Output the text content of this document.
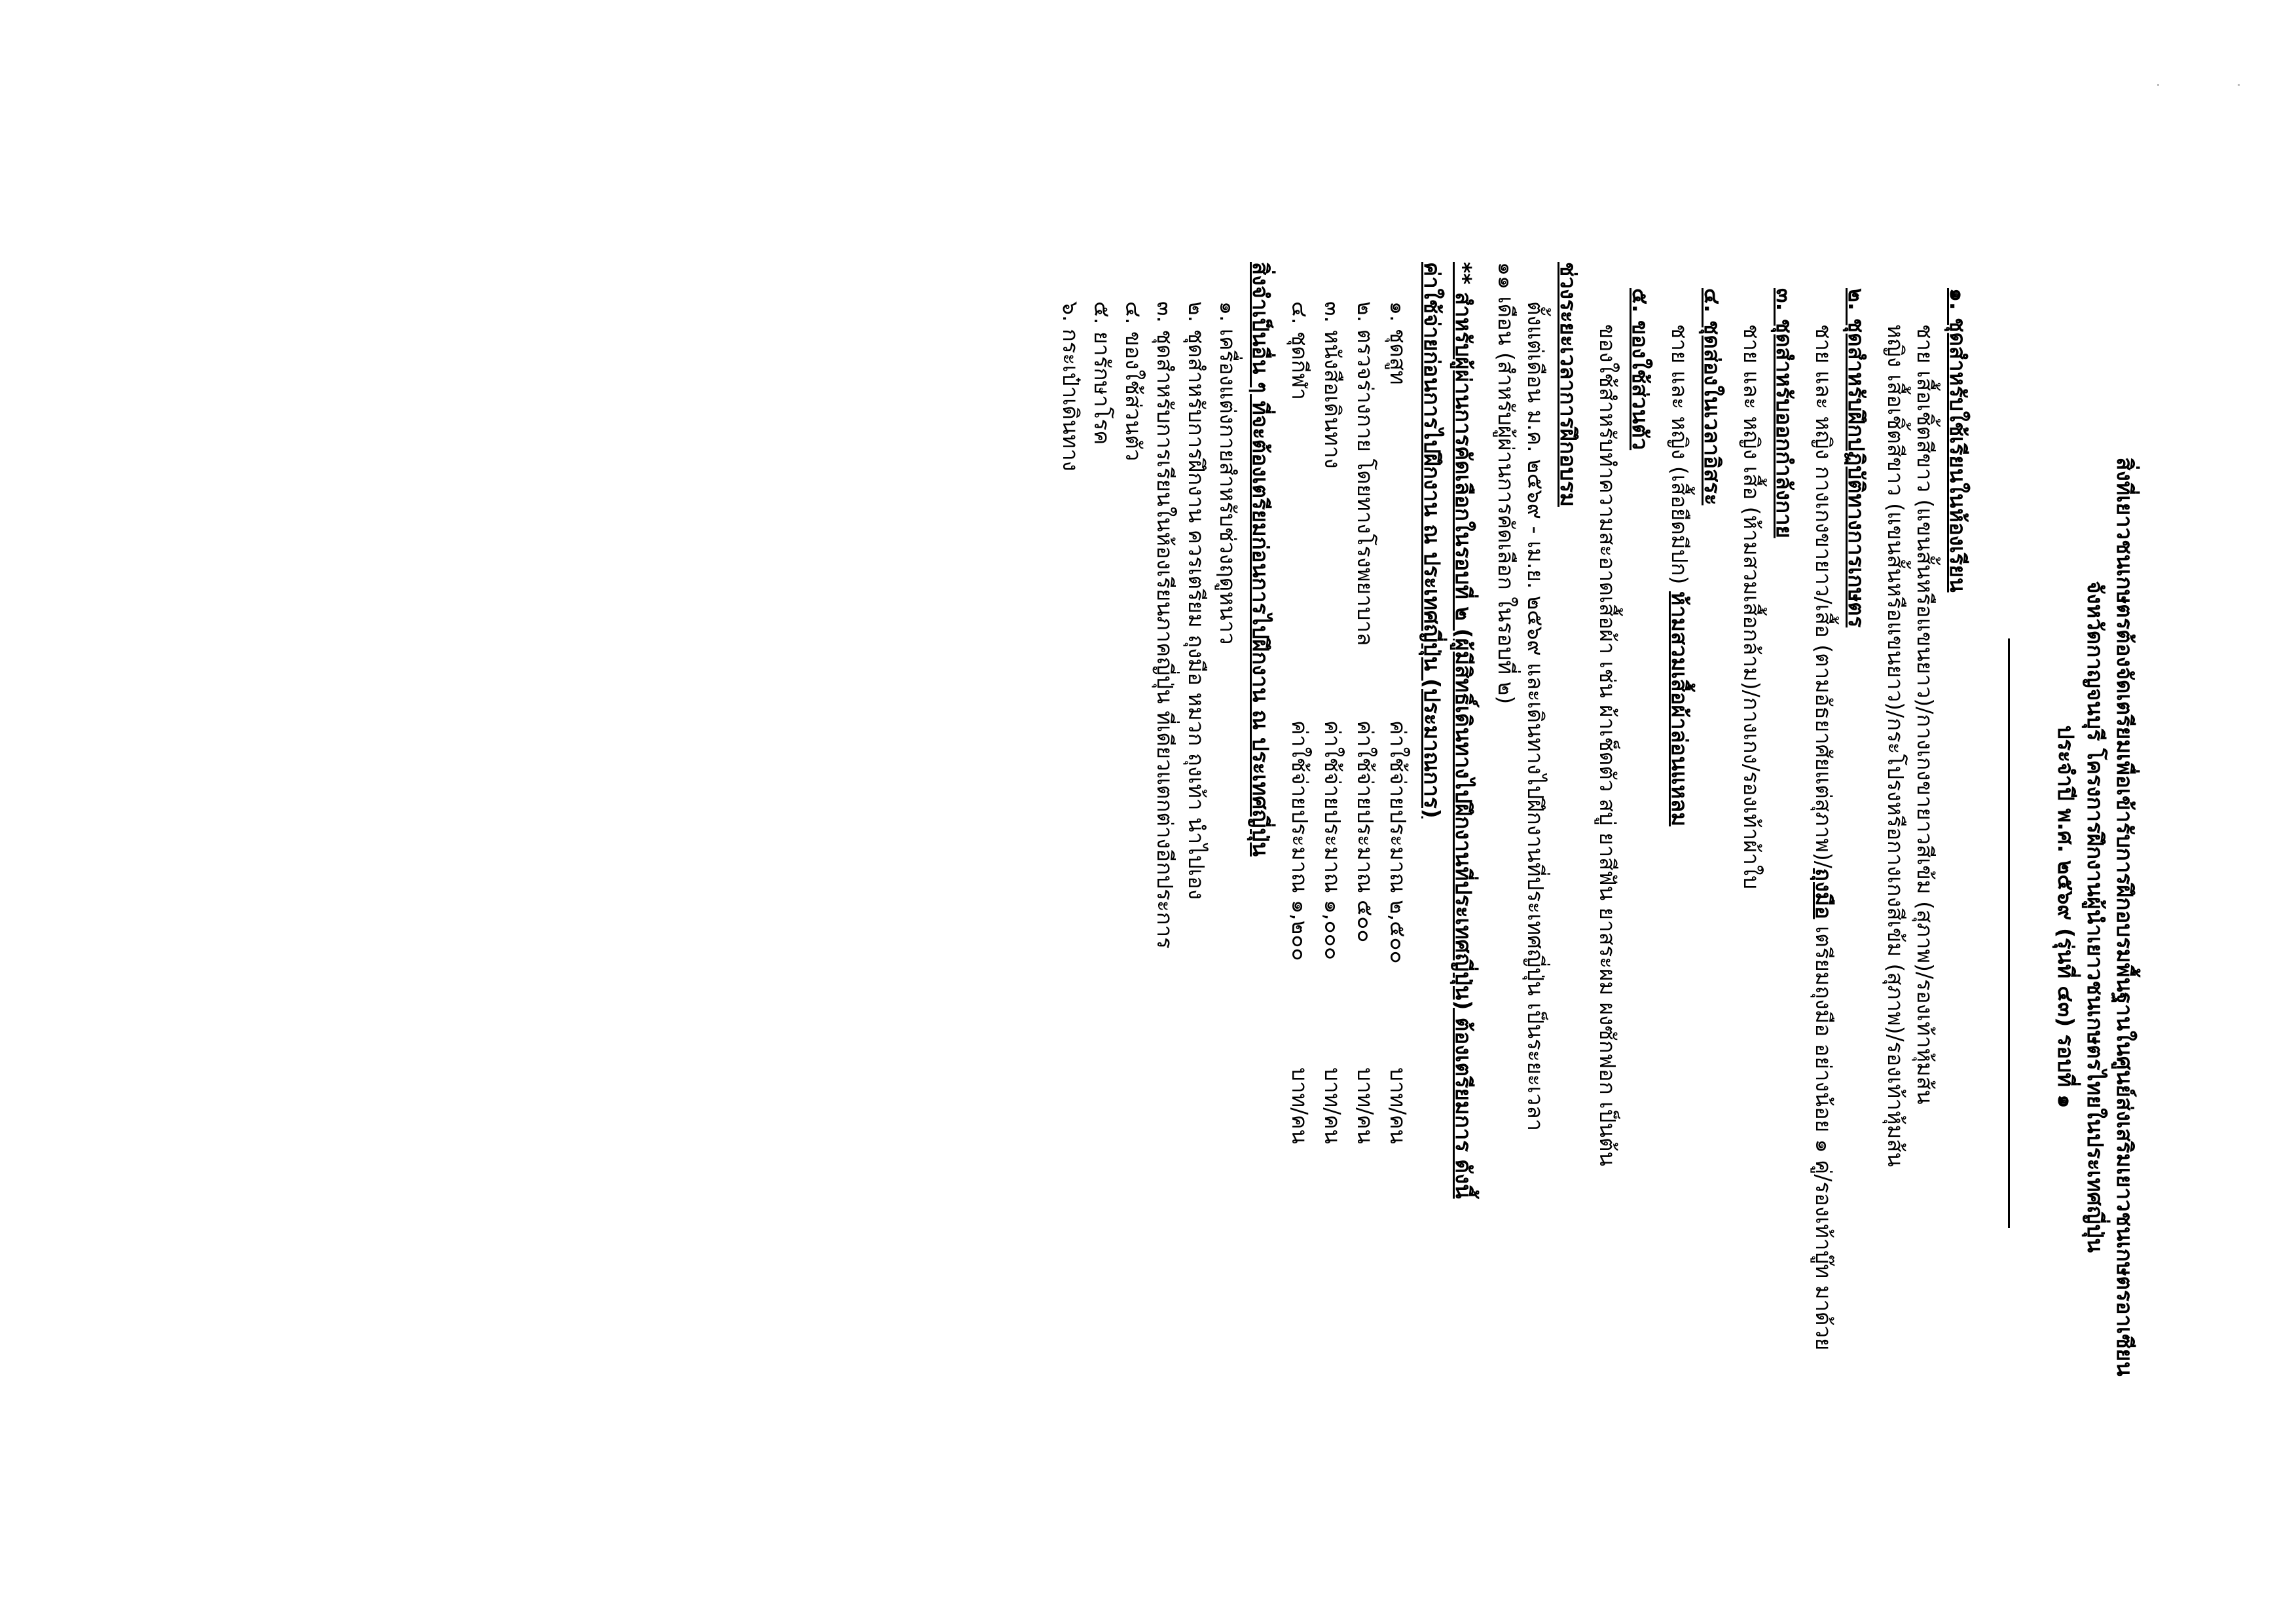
สิ่งที่เยาวชนเกษตรต้องจัดเตรียมเพื่อเข้ารับการฝึกอบรมพื้นฐานในศูนย์ส่งเสริมเยาวชนเกษตรอาเซียน
จังหวัดกาญจนบุรี โครงการฝึกงานผู้นำเยาวชนเกษตรไทยในประเทศญี่ปุ่น
ประจำปี พ.ศ. ๒๕๖๙ (รุ่นที่ ๔๓) รอบที่ ๑
๑. ชุดสำหรับใช้เรียนในห้องเรียน
ชาย เสื้อเชิ้ตสีขาว (แขนสั้นหรือแขนยาว)/กางเกงขายาวสีเข้ม (สุภาพ)/รองเท้าหุ้มส้น
หญิง เสื้อเชิ้ตสีขาว (แขนสั้นหรือแขนยาว)/กระโปรงหรือกางเกงสีเข้ม (สุภาพ)/รองเท้าหุ้มส้น
๒. ชุดสำหรับฝึกปฏิบัติทางการเกษตร
ชาย และ หญิง กางเกงขายาว/เสื้อ (ตามอัธยาศัยแต่สุภาพ)/ถุงมือ เตรียมถุงมือ อย่างน้อย ๑ คู่/รองเท้าบู๊ท มาด้วย
๓. ชุดสำหรับออกกำลังกาย
ชาย และ หญิง เสื้อ (ห้ามสวมเสื้อกล้าม)/กางเกง/รองเท้าผ้าใบ
๔. ชุดส่องในเวลาอิสระ
ชาย และ หญิง (เสื้อยืดมีปก) ห้ามสวมเสื้อผ้าล่อนแหลม
๕. ของใช้ส่วนตัว
ของใช้สำหรับทำความสะอาดเสื้อผ้า เช่น ผ้าเช็ดตัว สบู่ ยาสีฟัน ยาสระผม ผงซักฟอก เป็นต้น
ช่วงระยะเวลาการฝึกอบรม
ตั้งแต่เดือน ม.ค. ๒๕๖๙ - เม.ย. ๒๕๖๙ และเดินทางไปฝึกงานที่ประเทศญี่ปุ่น เป็นระยะเวลา
๑๑ เดือน (สำหรับผู้ผ่านการคัดเลือก ในรอบที่ ๒)
** สำหรับผู้ผ่านการคัดเลือกในรอบที่ ๒ (ผู้มีสิทธิ์เดินทางไปฝึกงานที่ประเทศญี่ปุ่น) ต้องเตรียมการ ดังนี้
ค่าใช้จ่ายก่อนการไปฝึกงาน ณ ประเทศญี่ปุ่น (ประมาณการ)
๑. ชุดสูท
ค่าใช้จ่ายประมาณ ๒,๕๐๐
บาท/คน
๒. ตรวจร่างกาย โดยทางโรงพยาบาล
ค่าใช้จ่ายประมาณ ๕๐๐
บาท/คน
๓. หนังสือเดินทาง
ค่าใช้จ่ายประมาณ ๑,๐๐๐
บาท/คน
๔. ชุดกีฬา
ค่าใช้จ่ายประมาณ ๑,๒๐๐
บาท/คน
สิ่งจำเป็นอื่น ๆ ที่จะต้องเตรียมก่อนการไปฝึกงาน ณ ประเทศญี่ปุ่น
๑. เครื่องแต่งกายสำหรับช่วงฤดูหนาว
๒. ชุดสำหรับการฝึกงาน ควรเตรียม ถุงมือ หมวก ถุงเท้า นำไปเอง
๓. ชุดสำหรับการเรียนในห้องเรียนภาคญี่ปุ่น ที่เดียวแตกต่างอีกประการ
๔. ของใช้ส่วนตัว
๕. ยารักษาโรค
๖. กระเป๋าเดินทาง
